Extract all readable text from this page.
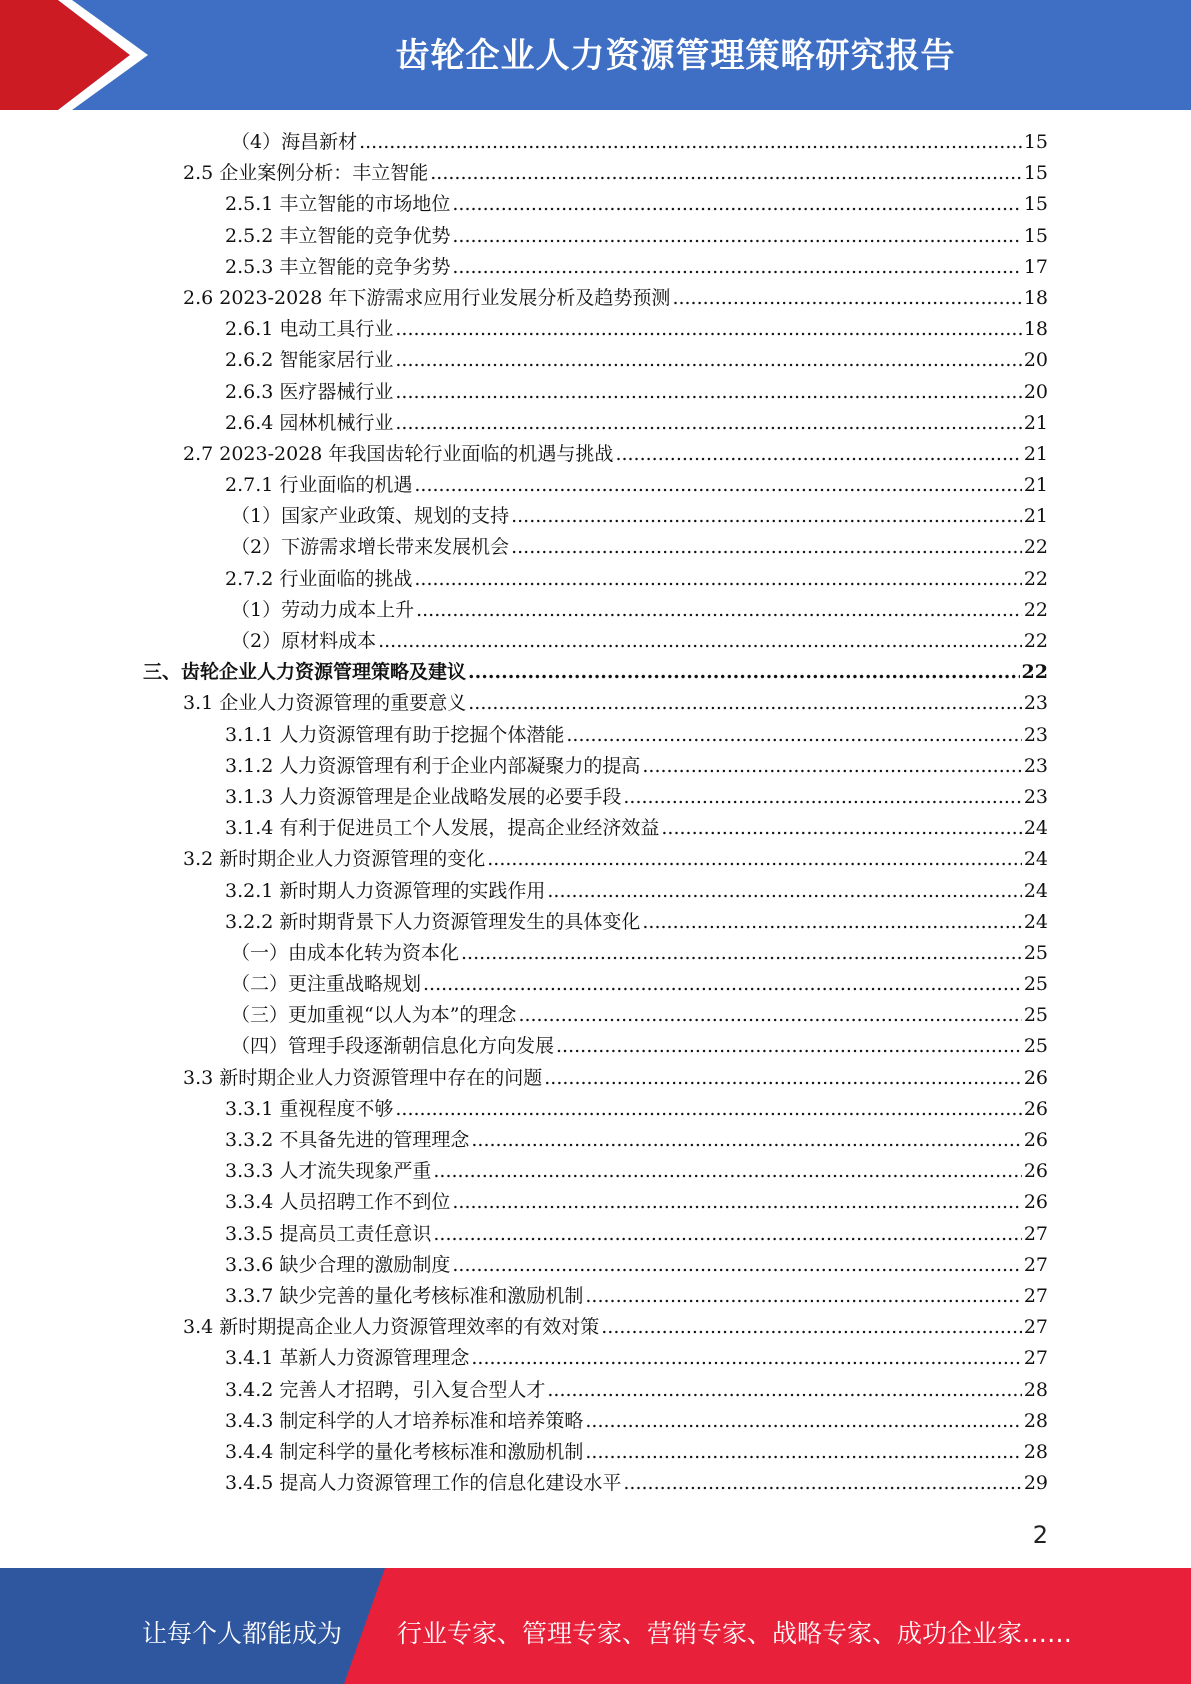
齿轮企业人力资源管理策略研究报告
（4）海昌新材 .....	15
2.5 企业案例分析：丰立智能 .....	15
2.5.1 丰立智能的市场地位 .....	15
2.5.2 丰立智能的竞争优势 .....	15
2.5.3 丰立智能的竞争劣势 .....	17
2.6 2023-2028 年下游需求应用行业发展分析及趋势预测 .....	18
2.6.1 电动工具行业 .....	18
2.6.2 智能家居行业 .....	20
2.6.3 医疗器械行业 .....	20
2.6.4 园林机械行业 .....	21
2.7 2023-2028 年我国齿轮行业面临的机遇与挑战 .....	21
2.7.1 行业面临的机遇 .....	21
（1）国家产业政策、规划的支持 .....	21
（2）下游需求增长带来发展机会 .....	22
2.7.2 行业面临的挑战 .....	22
（1）劳动力成本上升 .....	22
（2）原材料成本 .....	22
三、齿轮企业人力资源管理策略及建议 .....	22
3.1 企业人力资源管理的重要意义 .....	23
3.1.1 人力资源管理有助于挖掘个体潜能 .....	23
3.1.2 人力资源管理有利于企业内部凝聚力的提高 .....	23
3.1.3 人力资源管理是企业战略发展的必要手段 .....	23
3.1.4 有利于促进员工个人发展，提高企业经济效益 .....	24
3.2 新时期企业人力资源管理的变化 .....	24
3.2.1 新时期人力资源管理的实践作用 .....	24
3.2.2 新时期背景下人力资源管理发生的具体变化 .....	24
（一）由成本化转为资本化 .....	25
（二）更注重战略规划 .....	25
（三）更加重视“以人为本”的理念 .....	25
（四）管理手段逐渐朝信息化方向发展 .....	25
3.3 新时期企业人力资源管理中存在的问题 .....	26
3.3.1 重视程度不够 .....	26
3.3.2 不具备先进的管理理念 .....	26
3.3.3 人才流失现象严重 .....	26
3.3.4 人员招聘工作不到位 .....	26
3.3.5 提高员工责任意识 .....	27
3.3.6 缺少合理的激励制度 .....	27
3.3.7 缺少完善的量化考核标准和激励机制 .....	27
3.4 新时期提高企业人力资源管理效率的有效对策 .....	27
3.4.1 革新人力资源管理理念 .....	27
3.4.2 完善人才招聘，引入复合型人才 .....	28
3.4.3 制定科学的人才培养标准和培养策略 .....	28
3.4.4 制定科学的量化考核标准和激励机制 .....	28
3.4.5 提高人力资源管理工作的信息化建设水平 .....	29
2
让每个人都能成为 行业专家、管理专家、营销专家、战略专家、成功企业家……
